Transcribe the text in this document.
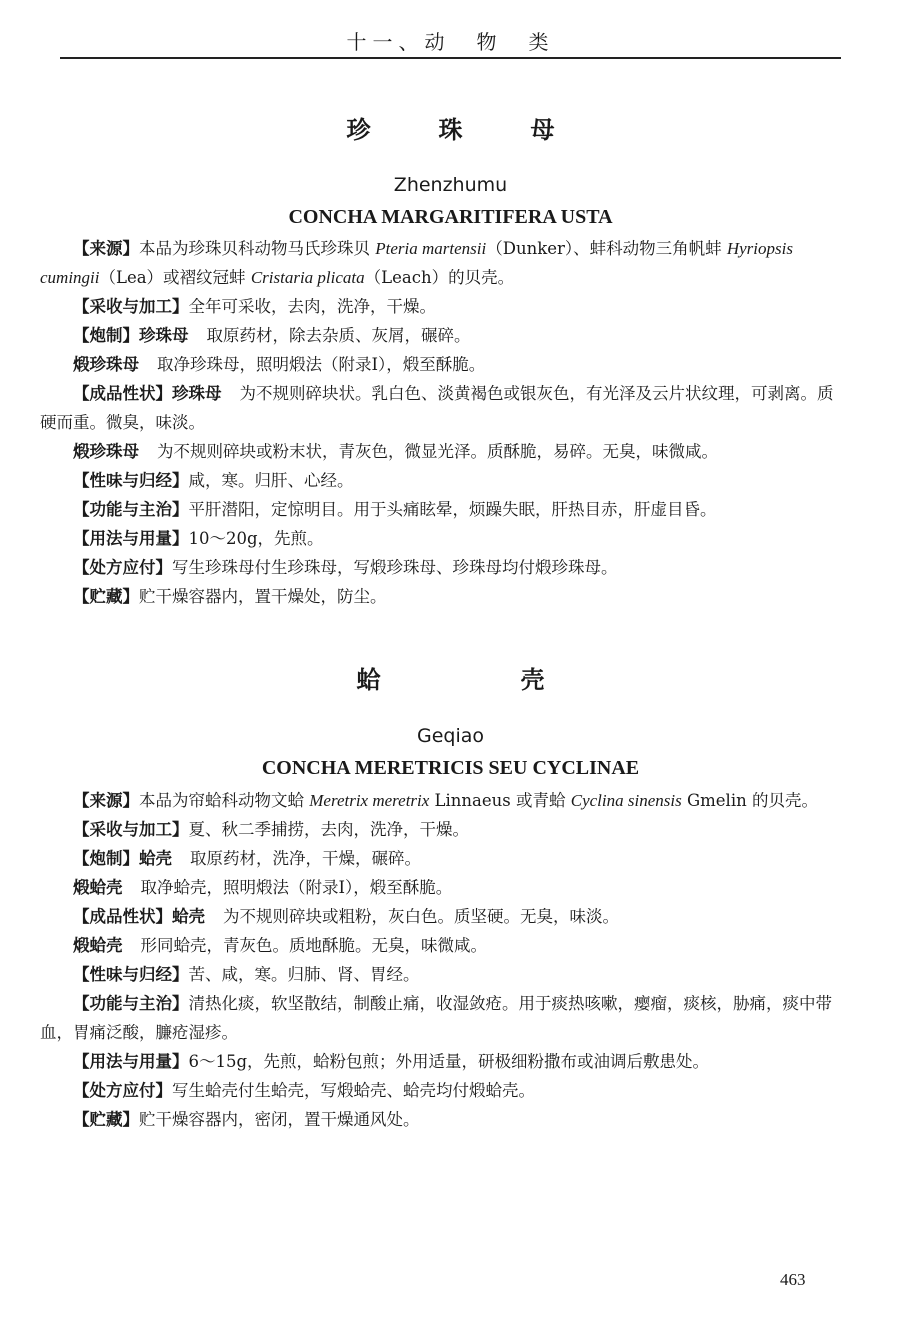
十一、动　物　类
珍　珠　母
Zhenzhumu
CONCHA MARGARITIFERA USTA

【来源】本品为珍珠贝科动物马氏珍珠贝 Pteria martensii（Dunker）、蚌科动物三角帆蚌 Hyriopsis cumingii（Lea）或褶纹冠蚌 Cristaria plicata（Leach）的贝壳。

【采收与加工】全年可采收，去肉，洗净，干燥。

【炮制】珍珠母 取原药材，除去杂质、灰屑，碾碎。

煅珍珠母 取净珍珠母，照明煅法（附录Ⅰ），煅至酥脆。

【成品性状】珍珠母 为不规则碎块状。乳白色、淡黄褐色或银灰色，有光泽及云片状纹理，可剥离。质硬而重。微臭，味淡。

煅珍珠母 为不规则碎块或粉末状，青灰色，微显光泽。质酥脆，易碎。无臭，味微咸。

【性味与归经】咸，寒。归肝、心经。

【功能与主治】平肝潜阳，定惊明目。用于头痛眩晕，烦躁失眠，肝热目赤，肝虚目昏。

【用法与用量】10～20g，先煎。

【处方应付】写生珍珠母付生珍珠母，写煅珍珠母、珍珠母均付煅珍珠母。

【贮藏】贮干燥容器内，置干燥处，防尘。

蛤　壳
Geqiao
CONCHA MERETRICIS SEU CYCLINAE

【来源】本品为帘蛤科动物文蛤 Meretrix meretrix Linnaeus 或青蛤 Cyclina sinensis Gmelin 的贝壳。

【采收与加工】夏、秋二季捕捞，去肉，洗净，干燥。

【炮制】蛤壳 取原药材，洗净，干燥，碾碎。

煅蛤壳 取净蛤壳，照明煅法（附录Ⅰ），煅至酥脆。

【成品性状】蛤壳 为不规则碎块或粗粉，灰白色。质坚硬。无臭，味淡。

煅蛤壳 形同蛤壳，青灰色。质地酥脆。无臭，味微咸。

【性味与归经】苦、咸，寒。归肺、肾、胃经。

【功能与主治】清热化痰，软坚散结，制酸止痛，收湿敛疮。用于痰热咳嗽，瘿瘤，痰核，胁痛，痰中带血，胃痛泛酸，臁疮湿疹。

【用法与用量】6～15g，先煎，蛤粉包煎；外用适量，研极细粉撒布或油调后敷患处。

【处方应付】写生蛤壳付生蛤壳，写煅蛤壳、蛤壳均付煅蛤壳。

【贮藏】贮干燥容器内，密闭，置干燥通风处。

463
